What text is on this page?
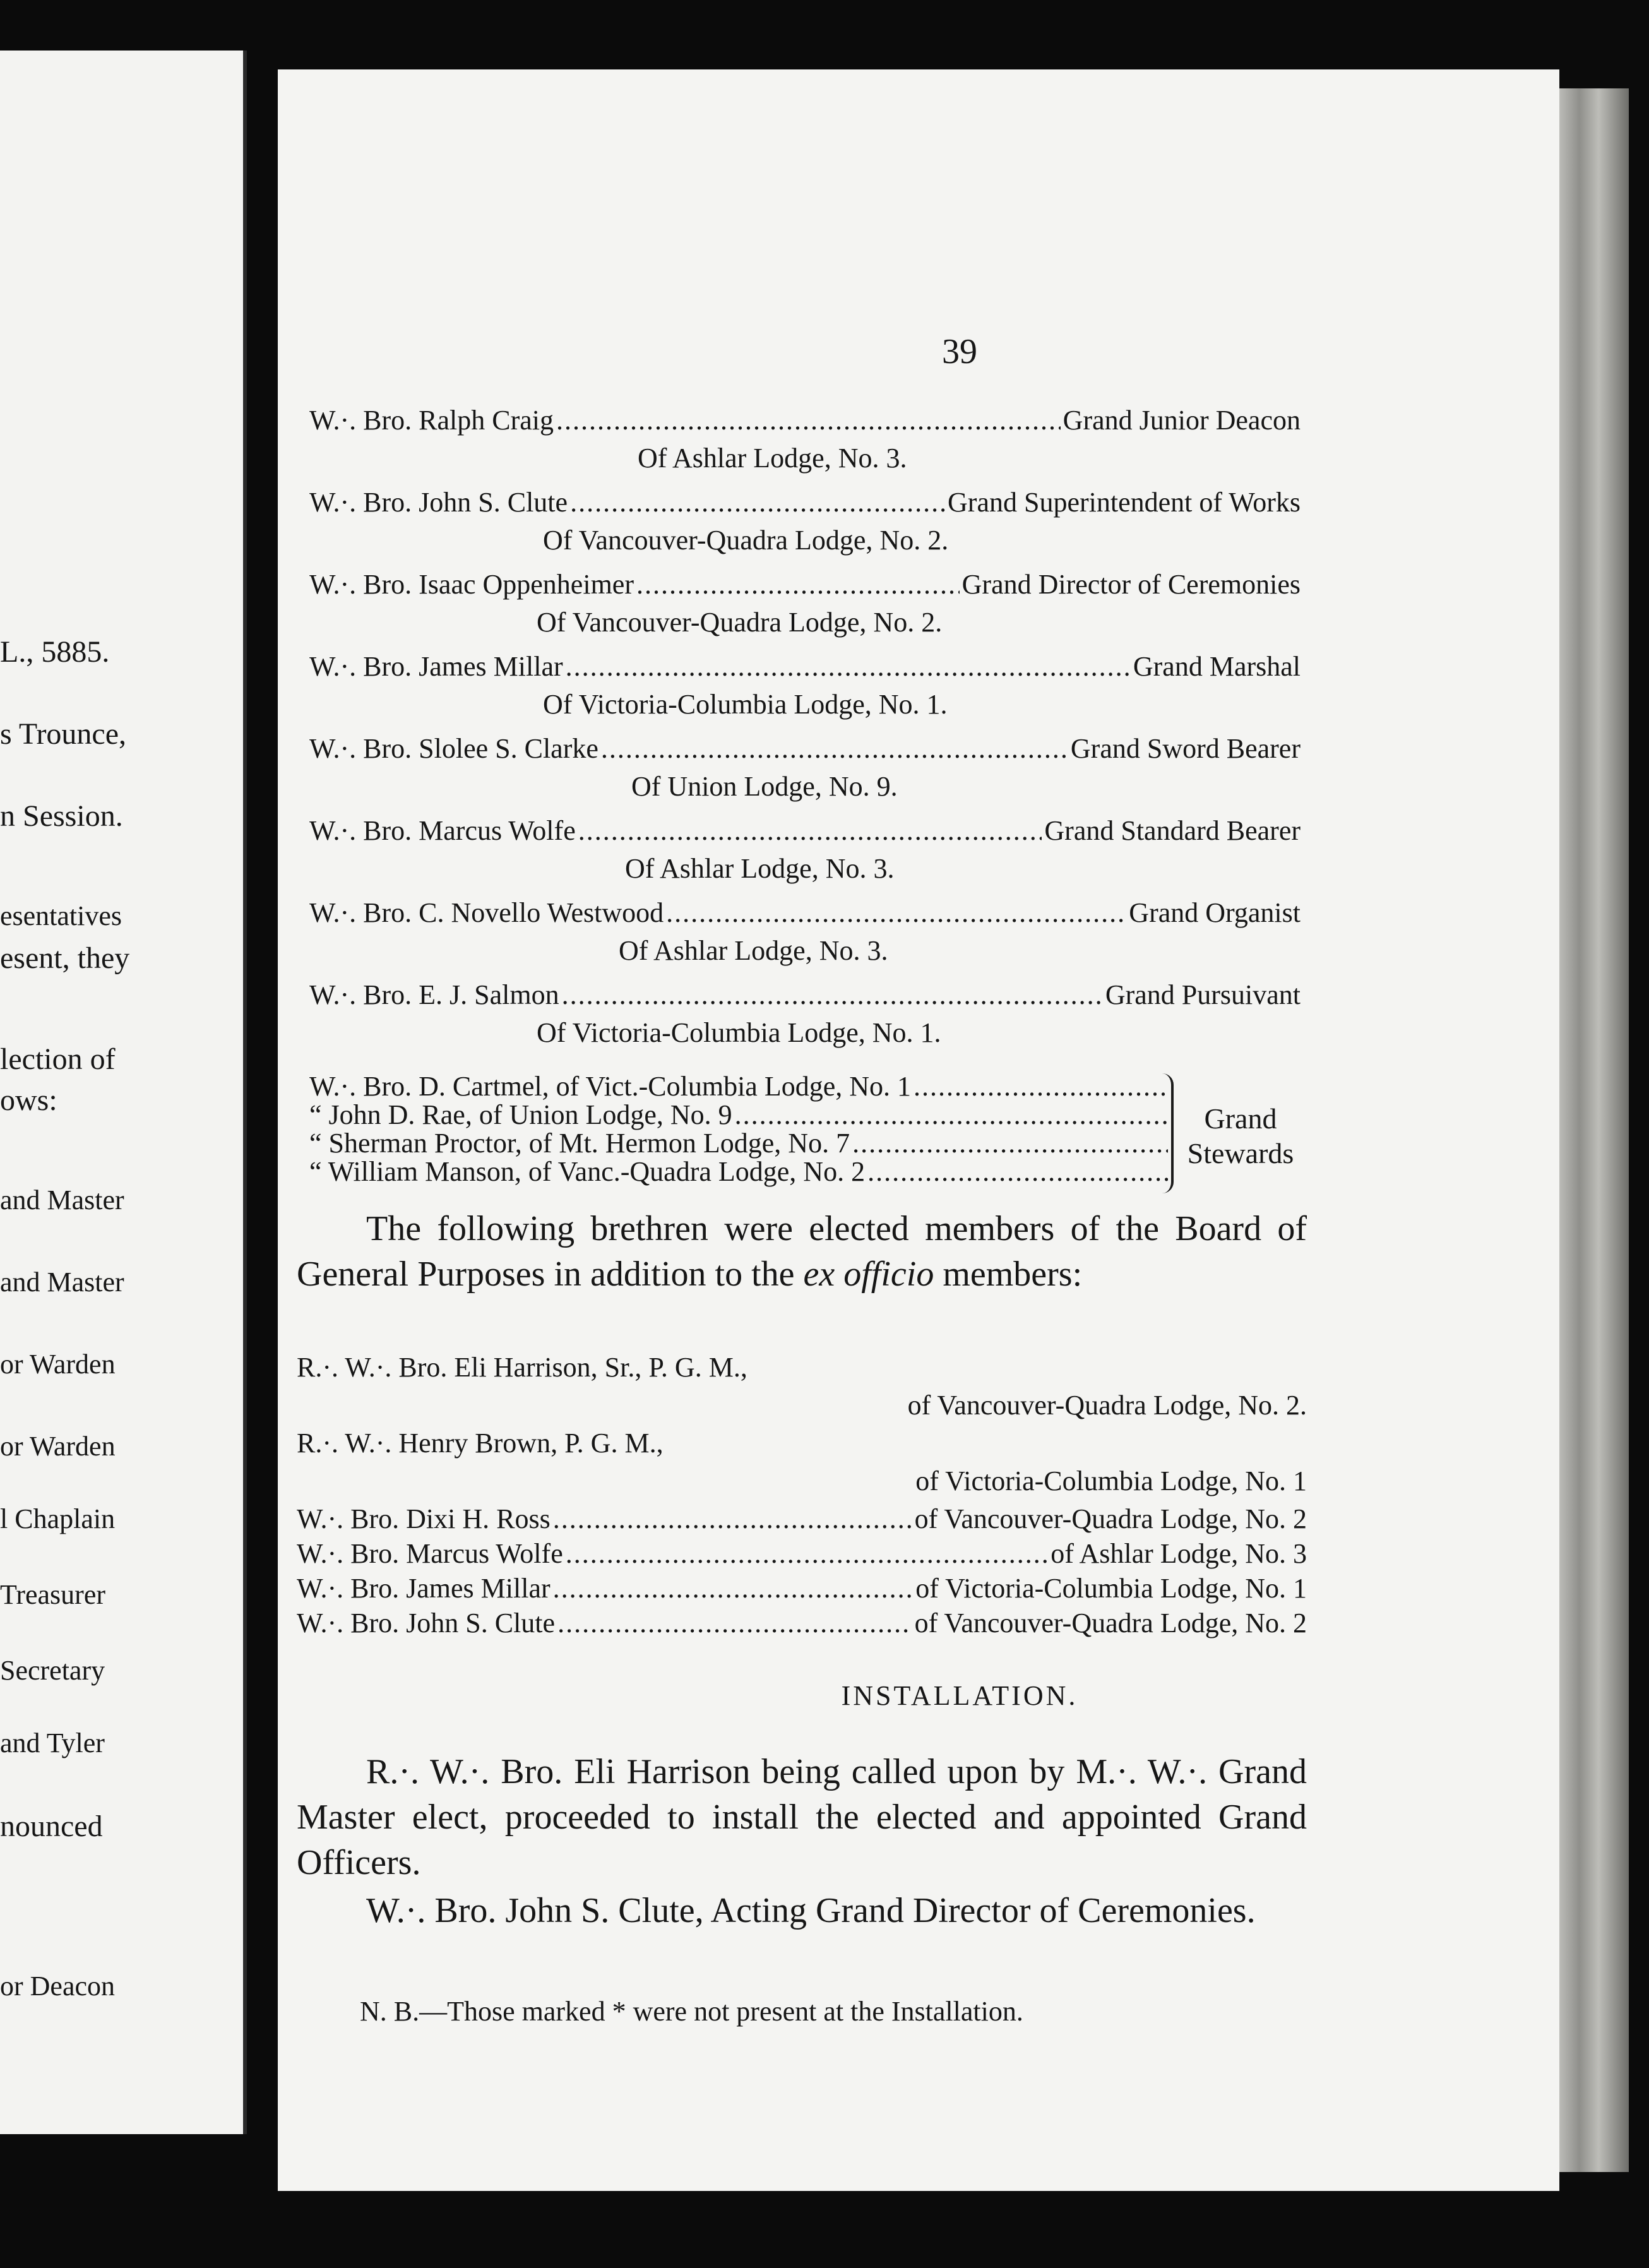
L., 5885.
s Trounce,
n Session.
esentatives
esent, they
lection of
ows:
and Master
and Master
or Warden
or Warden
l Chaplain
Treasurer
Secretary
and Tyler
nounced
or Deacon
39
W.·. Bro. Ralph Craig .....	Grand Junior Deacon
Of Ashlar Lodge, No. 3.
W.·. Bro. John S. Clute .....	Grand Superintendent of Works
Of Vancouver-Quadra Lodge, No. 2.
W.·. Bro. Isaac Oppenheimer .....	Grand Director of Ceremonies
Of Vancouver-Quadra Lodge, No. 2.
W.·. Bro. James Millar .....	Grand Marshal
Of Victoria-Columbia Lodge, No. 1.
W.·. Bro. Slolee S. Clarke .....	Grand Sword Bearer
Of Union Lodge, No. 9.
W.·. Bro. Marcus Wolfe .....	Grand Standard Bearer
Of Ashlar Lodge, No. 3.
W.·. Bro. C. Novello Westwood .....	Grand Organist
Of Ashlar Lodge, No. 3.
W.·. Bro. E. J. Salmon .....	Grand Pursuivant
Of Victoria-Columbia Lodge, No. 1.
W.·. Bro. D. Cartmel, of Vict.-Columbia Lodge, No. 1
.....
“ John D. Rae, of Union Lodge, No. 9
.....
“ Sherman Proctor, of Mt. Hermon Lodge, No. 7
.....
“ William Manson, of Vanc.-Quadra Lodge, No. 2
.....
Grand
Stewards
The following brethren were elected members of the Board of General Purposes in addition to the ex officio members:
R.·. W.·. Bro. Eli Harrison, Sr., P. G. M.,
of Vancouver-Quadra Lodge, No. 2.
R.·. W.·. Henry Brown, P. G. M.,
of Victoria-Columbia Lodge, No. 1
W.·. Bro. Dixi H. Ross .....	of Vancouver-Quadra Lodge, No. 2
W.·. Bro. Marcus Wolfe .....	of Ashlar Lodge, No. 3
W.·. Bro. James Millar .....	of Victoria-Columbia Lodge, No. 1
W.·. Bro. John S. Clute .....	of Vancouver-Quadra Lodge, No. 2
INSTALLATION.
R.·. W.·. Bro. Eli Harrison being called upon by M.·. W.·. Grand Master elect, proceeded to install the elected and appointed Grand Officers.
W.·. Bro. John S. Clute, Acting Grand Director of Ceremonies.
N. B.—Those marked * were not present at the Installation.
